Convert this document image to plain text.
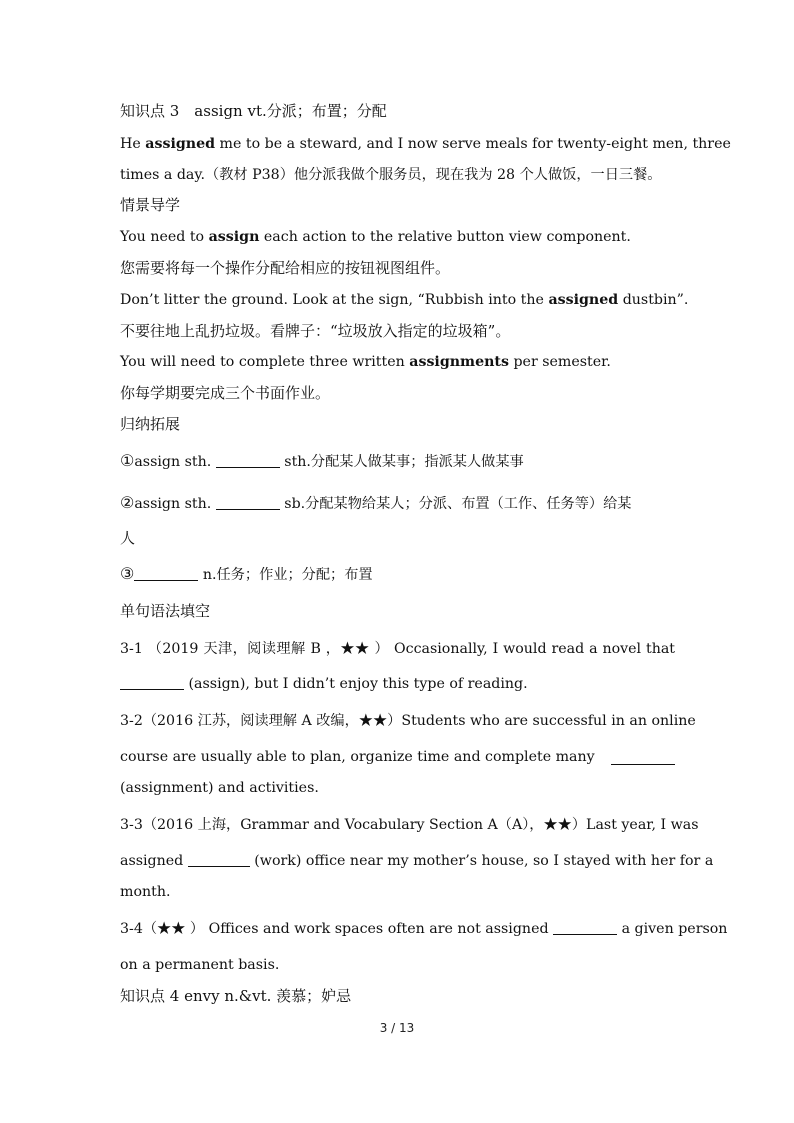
知识点 3　assign vt.分派；布置；分配
He assigned me to be a steward, and I now serve meals for twenty-eight men, three
times a day.（教材 P38）他分派我做个服务员，现在我为 28 个人做饭，一日三餐。
情景导学
You need to assign each action to the relative button view component.
您需要将每一个操作分配给相应的按钮视图组件。
Don’t litter the ground. Look at the sign, “Rubbish into the assigned dustbin”.
不要往地上乱扔垃圾。看牌子：“垃圾放入指定的垃圾箱”。
You will need to complete three written assignments per semester.
你每学期要完成三个书面作业。
归纳拓展
①assign sth.	sth.分配某人做某事；指派某人做某事
②assign sth.	sb.分配某物给某人；分派、布置（工作、任务等）给某
人
③	n.任务；作业；分配；布置
单句语法填空
3-1 （2019 天津，阅读理解 B ，★★ ） Occasionally, I would read a novel that
(assign), but I didn’t enjoy this type of reading.
3-2（2016 江苏，阅读理解 A 改编，★★）Students who are successful in an online
course are usually able to plan, organize time and complete many
(assignment) and activities.
3-3（2016 上海，Grammar and Vocabulary Section A（A），★★）Last year, I was
assigned	(work) office near my mother’s house, so I stayed with her for a
month.
3-4（★★ ） Offices and work spaces often are not assigned	a given person
on a permanent basis.
知识点 4 envy n.&vt. 羡慕；妒忌
3 / 13
